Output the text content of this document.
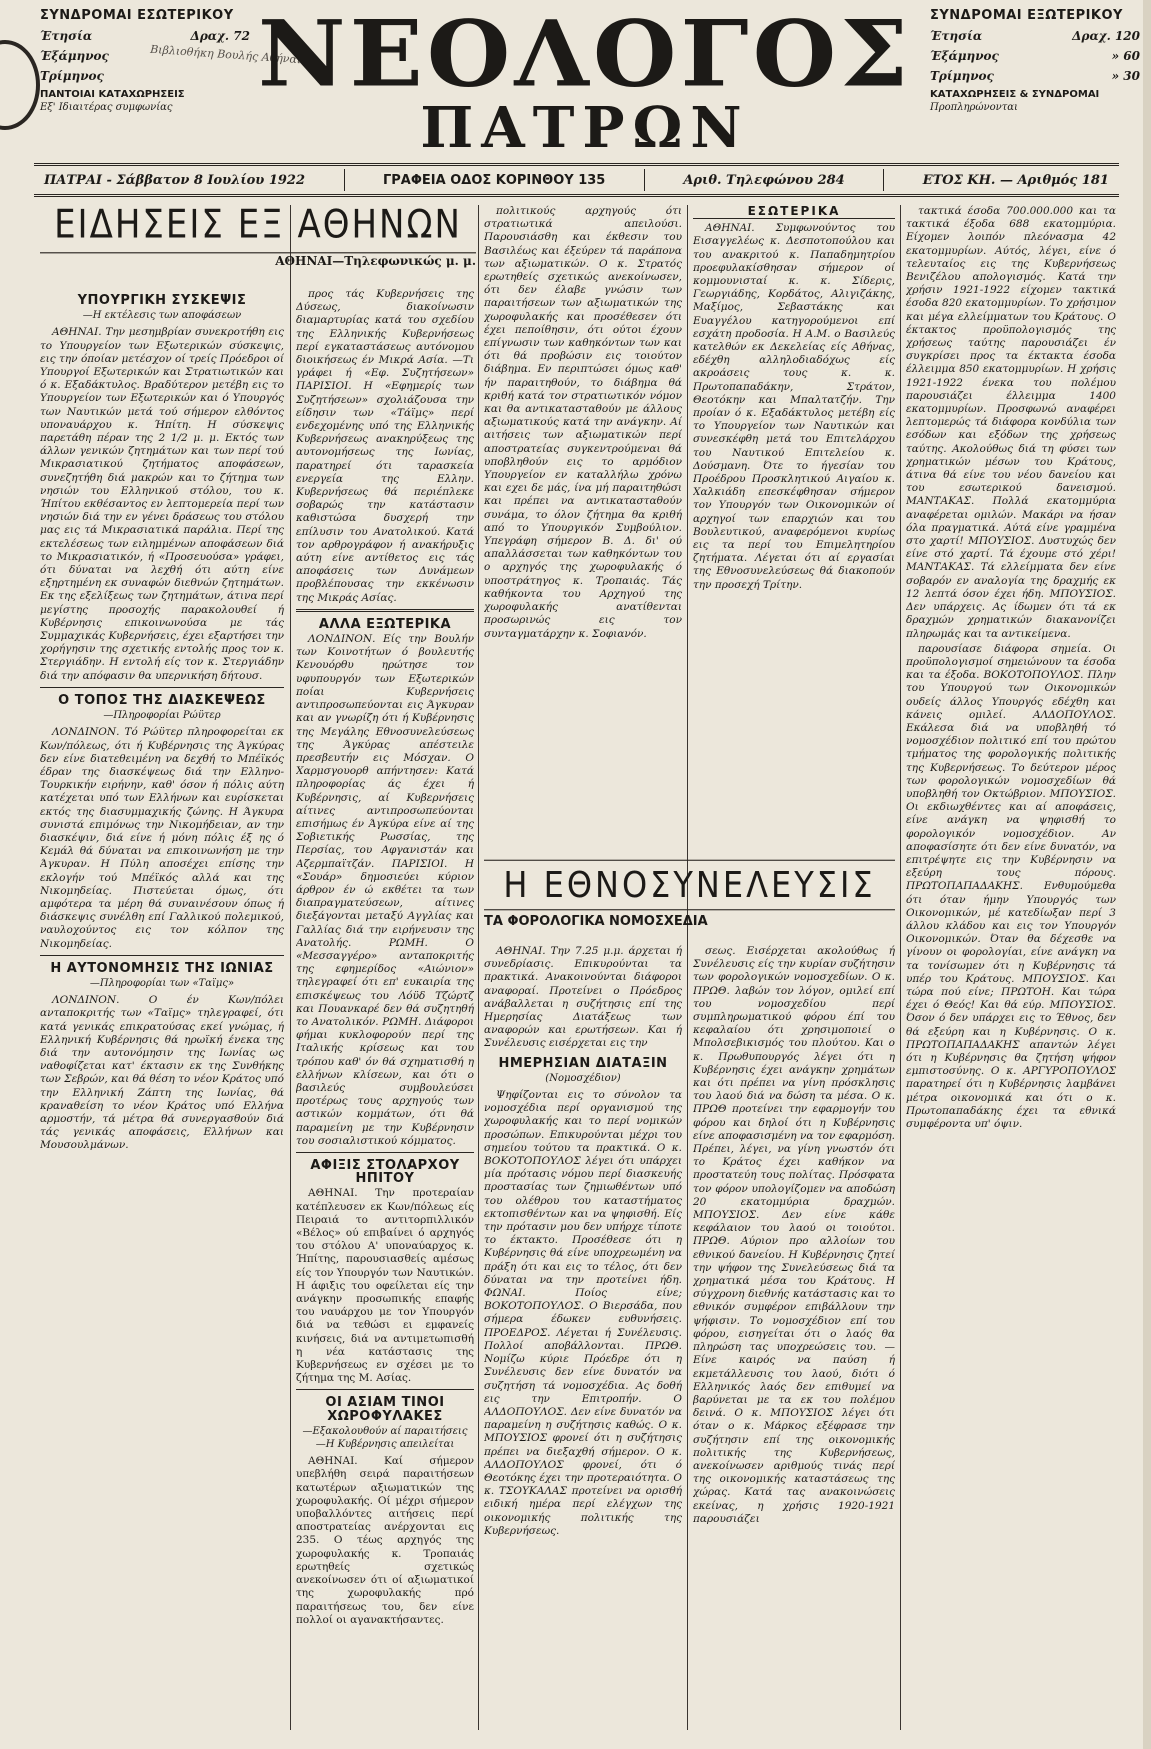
ΣΥΝΔΡΟΜΑΙ ΕΣΩΤΕΡΙΚΟΥ
Έτησία	Δραχ. 72
Έξάμηνος
Τρίμηνος
ΠΑΝΤΟΙΑΙ ΚΑΤΑΧΩΡΗΣΕΙΣ
Εξ' Ιδιαιτέρας συμφωνίας
Βιβλιοθήκη Βουλής Αθήναι
ΝΕΟΛΟΓΟΣ
ΠΑΤΡΩΝ
ΣΥΝΔΡΟΜΑΙ ΕΞΩΤΕΡΙΚΟΥ
Έτησία	Δραχ. 120
Έξάμηνος	» 60
Τρίμηνος	» 30
ΚΑΤΑΧΩΡΗΣΕΙΣ & ΣΥΝΔΡΟΜΑΙ
Προπληρώνονται
ΠΑΤΡΑΙ - Σάββατον 8 Ιουλίου 1922	ΓΡΑΦΕΙΑ ΟΔΟΣ ΚΟΡΙΝΘΟΥ 135	Αριθ. Τηλεφώνου 284	ΕΤΟΣ ΚΗ. — Αριθμός 181
ΕΙΔΗΣΕΙΣ ΕΞ ΑΘΗΝΩΝ
ΑΘΗΝΑΙ—Τηλεφωνικώς μ. μ.
ΥΠΟΥΡΓΙΚΗ ΣΥΣΚΕΨΙΣ
—Η εκτέλεσις των αποφάσεων

ΑΘΗΝΑΙ. Την μεσημβρίαν συνεκροτήθη εις το Υπουργείον των Εξωτερικών σύσκεψις, εις την όποίαν μετέσχον οί τρείς Πρόεδροι οί Υπουργοί Εξωτερικών και Στρατιωτικών και ό κ. Εξαδάκτυλος. Βραδύτερον μετέβη εις το Υπουργείον των Εξωτερικών και ό Υπουργός των Ναυτικών μετά τού σήμερον ελθόντος υποναυάρχου κ. Ήπίτη. Η σύσκεψις παρετάθη πέραν της 2 1/2 μ. μ. Εκτός των άλλων γενικών ζητημάτων και των περί τού Μικρασιατικού ζητήματος αποφάσεων, συνεζητήθη διά μακρών και το ζήτημα των νησιών του Ελληνικού στόλου, του κ. Ήπίτου εκθέσαντος εν λεπτομερεία περί των νησιών διά την εν γένει δράσεως του στόλου μας εις τά Μικρασιατικά παράλια. Περί της εκτελέσεως των ειλημμένων αποφάσεων διά το Μικρασιατικόν, ή «Προσευούσα» γράφει, ότι δύναται να λεχθή ότι αύτη είνε εξηρτημένη εκ συναφών διεθνών ζητημάτων. Εκ της εξελίξεως των ζητημάτων, άτινα περί μεγίστης προσοχής παρακολουθεί ή Κυβέρνησις επικοινωνούσα με τάς Συμμαχικάς Κυβερνήσεις, έχει εξαρτήσει την χορήγησιν της σχετικής εντολής προς τον κ. Στεργιάδην. Η εντολή είς τον κ. Στεργιάδην διά την απόφασιν θα υπερνικήση δήτουσ.

Ο ΤΟΠΟΣ ΤΗΣ ΔΙΑΣΚΕΨΕΩΣ
—Πληροφορίαι Ρώϋτερ

ΛΟΝΔΙΝΟΝ. Τό Ρώϋτερ πληροφορείται εκ Κων/πόλεως, ότι ή Κυβέρνησις της Άγκύρας δεν είνε διατεθειμένη να δεχθή το Μπέϊκός έδραν της διασκέψεως διά την Ελληνο-Τουρκικήν ειρήνην, καθ' όσον ή πόλις αύτη κατέχεται υπό των Ελλήνων και ευρίσκεται εκτός της διασυμμαχικής ζώνης. Η Άγκυρα συνιστά επιμόνως την Νικομήδειαν, αν την διασκέψιν, διά είνε ή μόνη πόλις έξ ης ό Κεμάλ θά δύναται να επικοινωνήση με την Άγκυραν. Η Πύλη αποσέχει επίσης την εκλογήν τού Μπέϊκός αλλά και της Νικομηδείας. Πιστεύεται όμως, ότι αμφότερα τα μέρη θά συναινέσουν όπως ή διάσκεψις συνέλθη επί Γαλλικού πολεμικού, ναυλοχούντος εις τον κόλπον της Νικομηδείας.

Η ΑΥΤΟΝΟΜΗΣΙΣ ΤΗΣ ΙΩΝΙΑΣ
—Πληροφορίαι των «Ταϊμς»

ΛΟΝΔΙΝΟΝ. Ο έν Κων/πόλει ανταποκριτής των «Ταϊμς» τηλεγραφεί, ότι κατά γενικάς επικρατούσας εκεί γνώμας, ή Ελληνική Κυβέρνησις θά ηρωϊκή ένεκα της διά την αυτονόμησιν της Ιωνίας ως ναθοφίζεται κατ' έκτασιν εκ της Συνθήκης των Σεβρών, και θά θέση το νέον Κράτος υπό την Ελληνική Ζάπτη της Ιωνίας, θά κραναθείση το νέον Κράτος υπό Ελλήνα αρμοστήν, τά μέτρα θά συνεργασθούν διά τάς γενικάς αποφάσεις, Ελλήνων και Μουσουλμάνων.

προς τάς Κυβερνήσεις της Δύσεως, διακοίνωσιν διαμαρτυρίας κατά του σχεδίου της Ελληνικής Κυβερνήσεως περί εγκαταστάσεως αυτόνομου διοικήσεως έν Μικρά Ασία. —Τι γράφει ή «Εφ. Συζητήσεων» ΠΑΡΙΣΙΟΙ. Η «Εφημερίς των Συζητήσεων» σχολιάζουσα την είδησιν των «Τάϊμς» περί ενδεχομένης υπό της Ελληνικής Κυβερνήσεως ανακηρύξεως της αυτονομήσεως της Ιωνίας, παρατηρεί ότι ταρασκεία ενεργεία της Ελλην. Κυβερνήσεως θά περιέπλεκε σοβαρώς την κατάστασιν καθιστώσα δυσχερή την επίλυσιν του Ανατολικού. Κατά τον αρθρογράφον ή ανακήρυξις αύτη είνε αντίθετος εις τάς αποφάσεις των Δυνάμεων προβλέπουσας την εκκένωσιν της Μικράς Ασίας.

ΑΛΛΑ ΕΞΩΤΕΡΙΚΑ

ΛΟΝΔΙΝΟΝ. Είς την Βουλήν των Κοινοτήτων ό βουλευτής Κενουόρθυ ηρώτησε τον υφυπουργόν των Εξωτερικών ποίαι Κυβερνήσεις αντιπροσωπεύονται εις Άγκυραν και αν γνωρίζη ότι ή Κυβέρνησις της Μεγάλης Εθνοσυνελεύσεως της Άγκύρας απέστειλε πρεσβευτήν εις Μόσχαν. Ο Χαρμσγουορθ απήντησεν: Κατά πληροφορίας άς έχει ή Κυβέρνησις, αί Κυβερνήσεις αίτινες αντιπροσωπεύονται επισήμως έν Άγκύρα είνε αί της Σοβιετικής Ρωσσίας, της Περσίας, του Αφγανιστάν και Αζερμπαϊτζάν. ΠΑΡΙΣΙΟΙ. Η «Σουάρ» δημοσιεύει κύριον άρθρον έν ώ εκθέτει τα των διαπραγματεύσεων, αίτινες διεξάγονται μεταξύ Αγγλίας και Γαλλίας διά την ειρήνευσιν της Ανατολής. ΡΩΜΗ. Ο «Μεσσαγγέρο» ανταποκριτής της εφημερίδος «Αιώνιον» τηλεγραφεί ότι επ' ευκαιρία της επισκέψεως του Λόϋδ Τζώρτζ και Πουανκαρέ δεν θά συζητηθή το Ανατολικόν. ΡΩΜΗ. Διάφοροι φήμαι κυκλοφορούν περί της Ιταλικής κρίσεως και του τρόπου καθ' όν θά σχηματισθή η ελλήνων κλίσεων, και ότι ο βασιλεύς συμβουλεύσει προτέρως τους αρχηγούς των αστικών κομμάτων, ότι θά παραμείνη με την Κυβέρνησιν του σοσιαλιστικού κόμματος.

ΑΦΙΞΙΣ ΣΤΟΛΑΡΧΟΥ ΗΠΙΤΟΥ

ΑΘΗΝΑΙ. Την προτεραίαν κατέπλευσεν εκ Κων/πόλεως είς Πειραιά το αντιτορπιλλικόν «Βέλος» ού επιβαίνει ό αρχηγός του στόλου Α' υποναύαρχος κ. Ήπίτης, παρουσιασθείς αμέσως είς τον Υπουργόν των Ναυτικών. Η άφιξις του οφείλεται είς την ανάγκην προσωπικής επαφής του ναυάρχου με τον Υπουργόν διά να τεθώσι ει εμφανείς κινήσεις, διά να αντιμετωπισθή η νέα κατάστασις της Κυβερνήσεως εν σχέσει με το ζήτημα της Μ. Ασίας.

ΟΙ ΑΣΙΑΜ ΤΙΝΟΙ ΧΩΡΟΦΥΛΑΚΕΣ
—Εξακολουθούν αί παραιτήσεις —Η Κυβέρνησις απειλείται

ΑΘΗΝΑΙ. Καί σήμερον υπεβλήθη σειρά παραιτήσεων κατωτέρων αξιωματικών της χωροφυλακής. Οί μέχρι σήμερον υποβαλλόντες αιτήσεις περί αποστρατείας ανέρχονται εις 235. Ο τέως αρχηγός της χωροφυλακής κ. Τροπαιάς ερωτηθείς σχετικώς ανεκοίνωσεν ότι οί αξιωματικοί της χωροφυλακής πρό παραιτήσεως του, δεν είνε πολλοί οι αγανακτήσαντες.

πολιτικούς αρχηγούς ότι στρατιωτικά απειλούσι. Παρουσιάσθη και έκθεσιν του Βασιλέως και έξεύρεν τά παράπονα των αξιωματικών. Ο κ. Στρατός ερωτηθείς σχετικώς ανεκοίνωσεν, ότι δεν έλαβε γνώσιν των παραιτήσεων των αξιωματικών της χωροφυλακής και προσέθεσεν ότι έχει πεποίθησιν, ότι ούτοι έχουν επίγνωσιν των καθηκόντων των και ότι θά προβώσιν εις τοιούτον διάβημα. Εν περιπτώσει όμως καθ' ήν παραιτηθούν, το διάβημα θά κριθή κατά τον στρατιωτικόν νόμον και θα αντικατασταθούν με άλλους αξιωματικούς κατά την ανάγκην. Αί αιτήσεις των αξιωματικών περί αποστρατείας συγκεντρούμεναι θά υποβληθούν εις το αρμόδιον Υπουργείον εν καταλλήλω χρόνω και εχει δε μάς, ίνα μή παραιτηθώσι και πρέπει να αντικατασταθούν συνάμα, το όλον ζήτημα θα κριθή από το Υπουργικόν Συμβούλιον. Υπεγράφη σήμερον Β. Δ. δι' ού απαλλάσσεται των καθηκόντων του ο αρχηγός της χωροφυλακής ό υποστράτηγος κ. Τροπαιάς. Τάς καθήκοντα του Αρχηγού της χωροφυλακής ανατίθενται προσωρινώς εις τον συνταγματάρχην κ. Σοφιανόν.

ΕΣΩΤΕΡΙΚΑ

ΑΘΗΝΑΙ. Συμφωνούντος του Εισαγγελέως κ. Δεσποτοπούλου και του ανακριτού κ. Παπαδημητρίου προεφυλακίσθησαν σήμερον οί κομμουνισταί κ. κ. Σίδερις, Γεωργιάδης, Κορδάτος, Αλιγιζάκης, Μαξίμος, Σεβαστάκης και Ευαγγέλου κατηγορούμενοι επί εσχάτη προδοσία. Η Α.Μ. ο Βασιλεύς κατελθών εκ Δεκελείας είς Αθήνας, εδέχθη αλληλοδιαδόχως είς ακροάσεις τους κ. κ. Πρωτοπαπαδάκην, Στράτον, Θεοτόκην και Μπαλτατζήν. Την προίαν ό κ. Εξαδάκτυλος μετέβη είς το Υπουργείον των Ναυτικών και συνεσκέφθη μετά του Επιτελάρχου του Ναυτικού Επιτελείου κ. Δούσμανη. Ότε το ήγεσίαν του Προέδρου Προσκλητικού Αιγαίου κ. Χαλκιάδη επεσκέφθησαν σήμερον τον Υπουργόν των Οικονομικών οί αρχηγοί των επαρχιών και του Βουλευτικού, αναφερόμενοι κυρίως εις τα περί του Επιμελητηρίου ζητήματα. Λέγεται ότι αί εργασίαι της Εθνοσυνελεύσεως θά διακοπούν την προσεχή Τρίτην.

τακτικά έσοδα 700.000.000 και τα τακτικά έξοδα 688 εκατομμύρια. Είχομεν λοιπόν πλεόνασμα 42 εκατομμυρίων. Αύτός, λέγει, είνε ό τελευταίος εις της Κυβερνήσεως Βενιζέλου απολογισμός. Κατά την χρήσιν 1921-1922 είχομεν τακτικά έσοδα 820 εκατομμυρίων. Το χρήσιμον και μέγα ελλείμματων του Κράτους. Ο έκτακτος προϋπολογισμός της χρήσεως ταύτης παρουσιάζει έν συγκρίσει προς τα έκτακτα έσοδα έλλειμμα 850 εκατομμυρίων. Η χρήσις 1921-1922 ένεκα του πολέμου παρουσιάζει έλλειμμα 1400 εκατομμυρίων. Προσφωνώ αναφέρει λεπτομερώς τά διάφορα κονδύλια των εσόδων και εξόδων της χρήσεως ταύτης. Ακολούθως διά τη φύσει των χρηματικών μέσων του Κράτους, άτινα θά είνε του νέου δανείου και του εσωτερικού δανεισμού. ΜΑΝΤΑΚΑΣ. Πολλά εκατομμύρια αναφέρεται ομιλών. Μακάρι να ήσαν όλα πραγματικά. Αύτά είνε γραμμένα στο χαρτί! ΜΠΟΥΣΙΟΣ. Δυστυχώς δεν είνε στό χαρτί. Τά έχουμε στό χέρι! ΜΑΝΤΑΚΑΣ. Τά ελλείμματα δεν είνε σοβαρόν εν αναλογία της δραχμής εκ 12 λεπτά όσον έχει ήδη. ΜΠΟΥΣΙΟΣ. Δεν υπάρχεις. Ας ίδωμεν ότι τά εκ δραχμών χρηματικών διακανονίζει πληρωμάς και τα αντικείμενα.

παρουσίασε διάφορα σημεία. Οι προϋπολογισμοί σημειώνουν τα έσοδα και τα έξοδα. ΒΟΚΟΤΟΠΟΥΛΟΣ. Πλην του Υπουργού των Οικονομικών ουδείς άλλος Υπουργός εδέχθη και κάνεις ομιλεί. ΑΛΔΟΠΟΥΛΟΣ. Εκάλεσα διά να υποβληθή τό νομοσχέδιον πολιτικό επί του πρώτου τμήματος της φορολογικής πολιτικής της Κυβερνήσεως. Το δεύτερον μέρος των φορολογικών νομοσχεδίων θά υποβληθή τον Οκτώβριον. ΜΠΟΥΣΙΟΣ. Οι εκδιωχθέντες και αί αποφάσεις, είνε ανάγκη να ψηφισθή το φορολογικόν νομοσχέδιον. Αν αποφασίσητε ότι δεν είνε δυνατόν, να επιτρέψητε εις την Κυβέρνησιν να εξεύρη τους πόρους. ΠΡΩΤΟΠΑΠΑΔΑΚΗΣ. Ενθυμούμεθα ότι όταν ήμην Υπουργός των Οικονομικών, μέ κατεδίωξαν περί 3 άλλου κλάδου και εις τον Υπουργόν Οικονομικών. Όταν θα δέχεσθε να γίνουν οι φορολογίαι, είνε ανάγκη να τα τονίσωμεν ότι η Κυβέρνησις τά υπέρ του Κράτους. ΜΠΟΥΣΙΟΣ. Και τώρα πού είνε; ΠΡΩΤΟΗ. Και τώρα έχει ό Θεός! Και θά εύρ. ΜΠΟΥΣΙΟΣ. Όσον ό δεν υπάρχει εις το Έθνος, δεν θά εξεύρη και η Κυβέρνησις. Ο κ. ΠΡΩΤΟΠΑΠΑΔΑΚΗΣ απαντών λέγει ότι η Κυβέρνησις θα ζητήση ψήφον εμπιστοσύνης. Ο κ. ΑΡΓΥΡΟΠΟΥΛΟΣ παρατηρεί ότι η Κυβέρνησις λαμβάνει μέτρα οικονομικά και ότι ο κ. Πρωτοπαπαδάκης έχει τα εθνικά συμφέροντα υπ' όψιν.

Η ΕΘΝΟΣΥΝΕΛΕΥΣΙΣ
ΤΑ ΦΟΡΟΛΟΓΙΚΑ ΝΟΜΟΣΧΕΔΙΑ

ΑΘΗΝΑΙ. Την 7.25 μ.μ. άρχεται ή συνεδρίασις. Επικυρούνται τα πρακτικά. Ανακοινούνται διάφοροι αναφοραί. Προτείνει ο Πρόεδρος ανάβαλλεται η συζήτησις επί της Ημερησίας Διατάξεως των αναφορών και ερωτήσεων. Και ή Συνέλευσις εισέρχεται εις την

ΗΜΕΡΗΣΙΑΝ ΔΙΑΤΑΞΙΝ
(Νομοσχέδιον)

Ψηφίζονται εις το σύνολον τα νομοσχέδια περί οργανισμού της χωροφυλακής και το περί νομικών προσώπων. Επικυρούνται μέχρι του σημείου τούτου τα πρακτικά. Ο κ. ΒΟΚΟΤΟΠΟΥΛΟΣ λέγει ότι υπάρχει μία πρότασις νόμου περί διασκευής προστασίας των ζημιωθέντων υπό του ολέθρου του καταστήματος εκτοπισθέντων και να ψηφισθή. Είς την πρότασιν μου δεν υπήρχε τίποτε το έκτακτο. Προσέθεσε ότι η Κυβέρνησις θά είνε υποχρεωμένη να πράξη ότι και εις το τέλος, ότι δεν δύναται να την προτείνει ήδη. ΦΩΝΑΙ. Ποίος είνε; ΒΟΚΟΤΟΠΟΥΛΟΣ. Ο Βιερσάδα, που σήμερα έδωκεν ευθυνήσεις. ΠΡΟΕΔΡΟΣ. Λέγεται ή Συνέλευσις. Πολλοί αποβάλλονται. ΠΡΩΘ. Νομίζω κύριε Πρόεδρε ότι η Συνέλευσις δεν είνε δυνατόν να συζητήση τά νομοσχέδια. Ας δοθή εις την Επιτροπήν. Ο ΑΛΔΟΠΟΥΛΟΣ. Δεν είνε δυνατόν να παραμείνη η συζήτησις καθώς. Ο κ. ΜΠΟΥΣΙΟΣ φρονεί ότι η συζήτησις πρέπει να διεξαχθή σήμερον. Ο κ. ΑΛΔΟΠΟΥΛΟΣ φρονεί, ότι ό Θεοτόκης έχει την προτεραιότητα. Ο κ. ΤΣΟΥΚΑΛΑΣ προτείνει να ορισθή ειδική ημέρα περί ελέγχων της οικονομικής πολιτικής της Κυβερνήσεως.

σεως. Εισέρχεται ακολούθως ή Συνέλευσις είς την κυρίαν συζήτησιν των φορολογικών νομοσχεδίων. Ο κ. ΠΡΩΘ. λαβών τον λόγον, ομιλεί επί του νομοσχεδίου περί συμπληρωματικού φόρου έπί του κεφαλαίου ότι χρησιμοποιεί ο Μπολσεβικισμός του πλούτου. Και ο κ. Πρωθυπουργός λέγει ότι η Κυβέρνησις έχει ανάγκην χρημάτων και ότι πρέπει να γίνη πρόσκλησις του λαού διά να δώση τα μέσα. Ο κ. ΠΡΩΘ προτείνει την εφαρμογήν του φόρου και δηλοί ότι η Κυβέρνησις είνε αποφασισμένη να τον εφαρμόση. Πρέπει, λέγει, να γίνη γνωστόν ότι το Κράτος έχει καθήκον να προστατεύη τους πολίτας. Πρόσφατα τον φόρον υπολογίζομεν να αποδώση 20 εκατομμύρια δραχμών. ΜΠΟΥΣΙΟΣ. Δεν είνε κάθε κεφάλαιον του λαού οι τοιούτοι. ΠΡΩΘ. Αύριον προ αλλοίων του εθνικού δανείου. Η Κυβέρνησις ζητεί την ψήφον της Συνελεύσεως διά τα χρηματικά μέσα του Κράτους. Η σύγχρονη διεθνής κατάστασις και το εθνικόν συμφέρον επιβάλλουν την ψήφισιν. Το νομοσχέδιον επί του φόρου, εισηγείται ότι ο λαός θα πληρώση τας υποχρεώσεις του. — Είνε καιρός να παύση ή εκμετάλλευσις του λαού, διότι ό Ελληνικός λαός δεν επιθυμεί να βαρύνεται με τα εκ του πολέμου δεινά. Ο κ. ΜΠΟΥΣΙΟΣ λέγει ότι όταν ο κ. Μάρκος εξέφρασε την συζήτησιν επί της οικονομικής πολιτικής της Κυβερνήσεως, ανεκοίνωσεν αριθμούς τινάς περί της οικονομικής καταστάσεως της χώρας. Κατά τας ανακοινώσεις εκείνας, η χρήσις 1920-1921 παρουσιάζει
